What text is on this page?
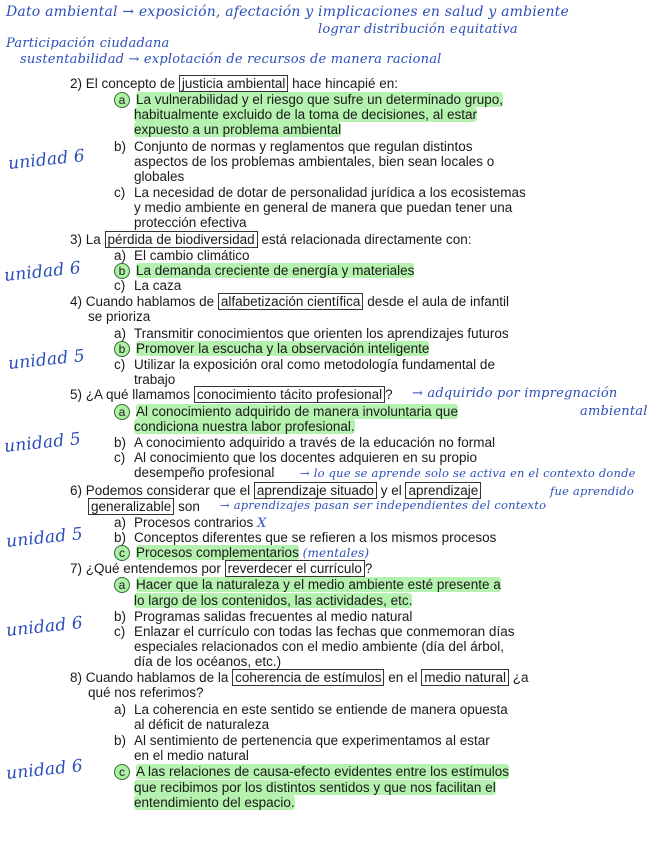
Dato ambiental → exposición, afectación y implicaciones en salud y ambiente
lograr distribución equitativa
Participación ciudadana
sustentabilidad → explotación de recursos de manera racional
unidad 6
unidad 6
unidad 5
unidad 5
unidad 5
unidad 6
unidad 6
2) El concepto de justicia ambiental hace hincapié en:
a La vulnerabilidad y el riesgo que sufre un determinado grupo,
habitualmente excluido de la toma de decisiones, al estar
expuesto a un problema ambiental
b) Conjunto de normas y reglamentos que regulan distintos
aspectos de los problemas ambientales, bien sean locales o
globales
c) La necesidad de dotar de personalidad jurídica a los ecosistemas
y medio ambiente en general de manera que puedan tener una
protección efectiva
3) La pérdida de biodiversidad está relacionada directamente con:
a) El cambio climático
b La demanda creciente de energía y materiales
c) La caza
4) Cuando hablamos de alfabetización científica desde el aula de infantil
se prioriza
a) Transmitir conocimientos que orienten los aprendizajes futuros
b Promover la escucha y la observación inteligente
c) Utilizar la exposición oral como metodología fundamental de
trabajo
5) ¿A qué llamamos conocimiento tácito profesional ? → adquirido por impregnación
ambiental
a Al conocimiento adquirido de manera involuntaria que
condiciona nuestra labor profesional.
b) A conocimiento adquirido a través de la educación no formal
c) Al conocimiento que los docentes adquieren en su propio
desempeño profesional → lo que se aprende solo se activa en el contexto donde
6) Podemos considerar que el aprendizaje situado y el aprendizaje	fue aprendido
generalizable son → aprendizajes pasan ser independientes del contexto
a) Procesos contrarios X
b) Conceptos diferentes que se refieren a los mismos procesos
c Procesos complementarios (mentales)
7) ¿Qué entendemos por reverdecer el currículo ?
a Hacer que la naturaleza y el medio ambiente esté presente a
lo largo de los contenidos, las actividades, etc.
b) Programas salidas frecuentes al medio natural
c) Enlazar el currículo con todas las fechas que conmemoran días
especiales relacionados con el medio ambiente (día del árbol,
día de los océanos, etc.)
8) Cuando hablamos de la coherencia de estímulos en el medio natural ¿a
qué nos referimos?
a) La coherencia en este sentido se entiende de manera opuesta
al déficit de naturaleza
b) Al sentimiento de pertenencia que experimentamos al estar
en el medio natural
c A las relaciones de causa-efecto evidentes entre los estímulos
que recibimos por los distintos sentidos y que nos facilitan el
entendimiento del espacio.
